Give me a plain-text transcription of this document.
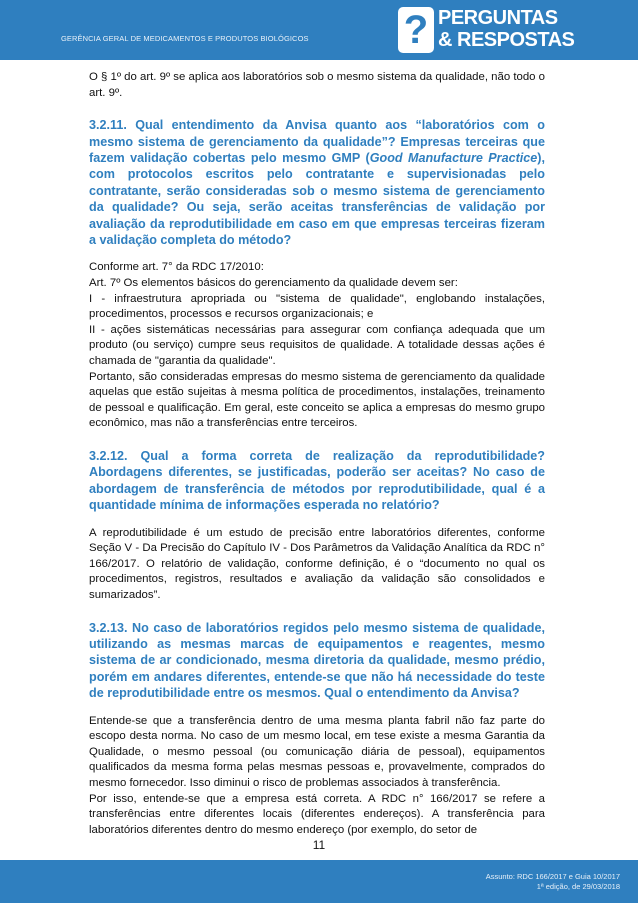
GERÊNCIA GERAL DE MEDICAMENTOS E PRODUTOS BIOLÓGICOS ? PERGUNTAS
& RESPOSTAS

O § 1º do art. 9º se aplica aos laboratórios sob o mesmo sistema da qualidade, não todo o art. 9º.

3.2.11. Qual entendimento da Anvisa quanto aos “laboratórios com o mesmo sistema de gerenciamento da qualidade”? Empresas terceiras que fazem validação cobertas pelo mesmo GMP (Good Manufacture Practice), com protocolos escritos pelo contratante e supervisionadas pelo contratante, serão consideradas sob o mesmo sistema de gerenciamento da qualidade? Ou seja, serão aceitas transferências de validação por avaliação da reprodutibilidade em caso em que empresas terceiras fizeram a validação completa do método?

Conforme art. 7° da RDC 17/2010:

Art. 7º Os elementos básicos do gerenciamento da qualidade devem ser:

I - infraestrutura apropriada ou "sistema de qualidade", englobando instalações, procedimentos, processos e recursos organizacionais; e

II - ações sistemáticas necessárias para assegurar com confiança adequada que um produto (ou serviço) cumpre seus requisitos de qualidade. A totalidade dessas ações é chamada de "garantia da qualidade".

Portanto, são consideradas empresas do mesmo sistema de gerenciamento da qualidade aquelas que estão sujeitas à mesma política de procedimentos, instalações, treinamento de pessoal e qualificação. Em geral, este conceito se aplica a empresas do mesmo grupo econômico, mas não a transferências entre terceiros.

3.2.12. Qual a forma correta de realização da reprodutibilidade? Abordagens diferentes, se justificadas, poderão ser aceitas? No caso de abordagem de transferência de métodos por reprodutibilidade, qual é a quantidade mínima de informações esperada no relatório?

A reprodutibilidade é um estudo de precisão entre laboratórios diferentes, conforme Seção V - Da Precisão do Capítulo IV - Dos Parâmetros da Validação Analítica da RDC n° 166/2017. O relatório de validação, conforme definição, é o “documento no qual os procedimentos, registros, resultados e avaliação da validação são consolidados e sumarizados”.

3.2.13. No caso de laboratórios regidos pelo mesmo sistema de qualidade, utilizando as mesmas marcas de equipamentos e reagentes, mesmo sistema de ar condicionado, mesma diretoria da qualidade, mesmo prédio, porém em andares diferentes, entende-se que não há necessidade do teste de reprodutibilidade entre os mesmos. Qual o entendimento da Anvisa?

Entende-se que a transferência dentro de uma mesma planta fabril não faz parte do escopo desta norma. No caso de um mesmo local, em tese existe a mesma Garantia da Qualidade, o mesmo pessoal (ou comunicação diária de pessoal), equipamentos qualificados da mesma forma pelas mesmas pessoas e, provavelmente, comprados do mesmo fornecedor. Isso diminui o risco de problemas associados à transferência.

Por isso, entende-se que a empresa está correta. A RDC n° 166/2017 se refere a transferências entre diferentes locais (diferentes endereços). A transferência para laboratórios diferentes dentro do mesmo endereço (por exemplo, do setor de

11
Assunto: RDC 166/2017 e Guia 10/2017
1ª edição, de 29/03/2018
